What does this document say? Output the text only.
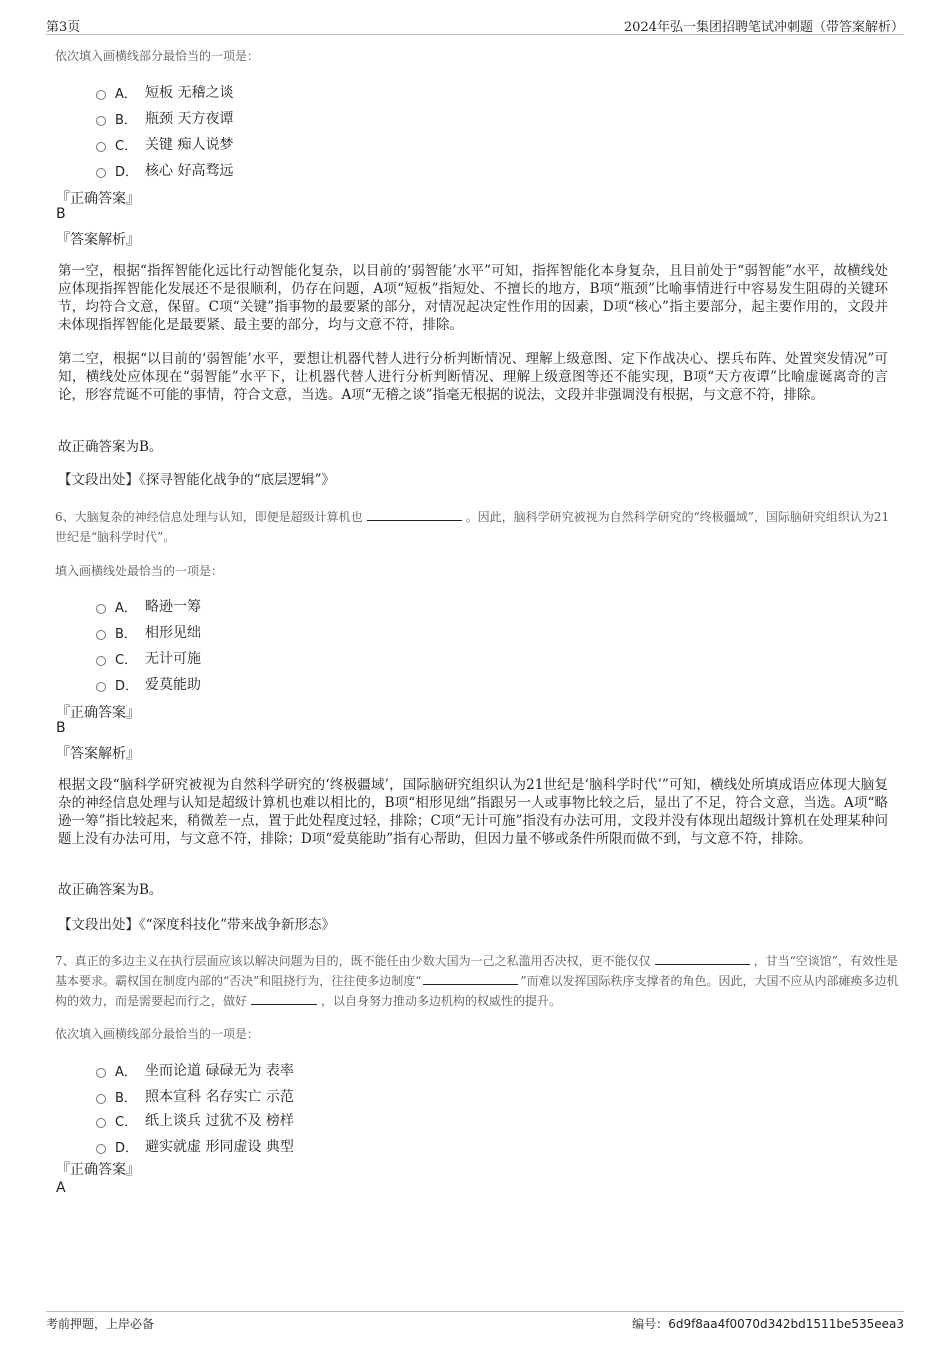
第3页	2024年弘一集团招聘笔试冲刺题（带答案解析）
依次填入画横线部分最恰当的一项是：
A． 短板 无稽之谈
B． 瓶颈 天方夜谭
C． 关键 痴人说梦
D． 核心 好高骛远
『正确答案』
B
『答案解析』
第一空，根据“指挥智能化远比行动智能化复杂，以目前的‘弱智能’水平”可知，指挥智能化本身复杂，且目前处于“弱智能”水平，故横线处应体现指挥智能化发展还不是很顺利，仍存在问题，A项“短板”指短处、不擅长的地方，B项“瓶颈”比喻事情进行中容易发生阻碍的关键环节，均符合文意，保留。C项“关键”指事物的最要紧的部分，对情况起决定性作用的因素，D项“核心”指主要部分，起主要作用的，文段并未体现指挥智能化是最要紧、最主要的部分，均与文意不符，排除。
第二空，根据“以目前的‘弱智能’水平，要想让机器代替人进行分析判断情况、理解上级意图、定下作战决心、摆兵布阵、处置突发情况”可知，横线处应体现在“弱智能”水平下，让机器代替人进行分析判断情况、理解上级意图等还不能实现，B项“天方夜谭”比喻虚诞离奇的言论，形容荒诞不可能的事情，符合文意，当选。A项“无稽之谈”指毫无根据的说法，文段并非强调没有根据，与文意不符，排除。
故正确答案为B。
【文段出处】《探寻智能化战争的“底层逻辑”》
6、大脑复杂的神经信息处理与认知，即便是超级计算机也	。因此，脑科学研究被视为自然科学研究的“终极疆域”，国际脑研究组织认为21世纪是“脑科学时代”。
填入画横线处最恰当的一项是：
A． 略逊一筹
B． 相形见绌
C． 无计可施
D． 爱莫能助
『正确答案』
B
『答案解析』
根据文段“脑科学研究被视为自然科学研究的‘终极疆域’，国际脑研究组织认为21世纪是‘脑科学时代’”可知，横线处所填成语应体现大脑复杂的神经信息处理与认知是超级计算机也难以相比的，B项“相形见绌”指跟另一人或事物比较之后，显出了不足，符合文意，当选。A项“略逊一筹”指比较起来，稍微差一点，置于此处程度过轻，排除；C项“无计可施”指没有办法可用，文段并没有体现出超级计算机在处理某种问题上没有办法可用，与文意不符，排除；D项“爱莫能助”指有心帮助，但因力量不够或条件所限而做不到，与文意不符，排除。
故正确答案为B。
【文段出处】《“深度科技化”带来战争新形态》
7、真正的多边主义在执行层面应该以解决问题为目的，既不能任由少数大国为一己之私滥用否决权，更不能仅仅	，甘当“空谈馆”，有效性是基本要求。霸权国在制度内部的“否决”和阻挠行为，往往使多边制度“	”而难以发挥国际秩序支撑者的角色。因此，大国不应从内部瘫痪多边机构的效力，而是需要起而行之，做好	，以自身努力推动多边机构的权威性的提升。
依次填入画横线部分最恰当的一项是：
A． 坐而论道 碌碌无为 表率
B． 照本宣科 名存实亡 示范
C． 纸上谈兵 过犹不及 榜样
D． 避实就虚 形同虚设 典型
『正确答案』
A
考前押题，上岸必备	编号：6d9f8aa4f0070d342bd1511be535eea3
